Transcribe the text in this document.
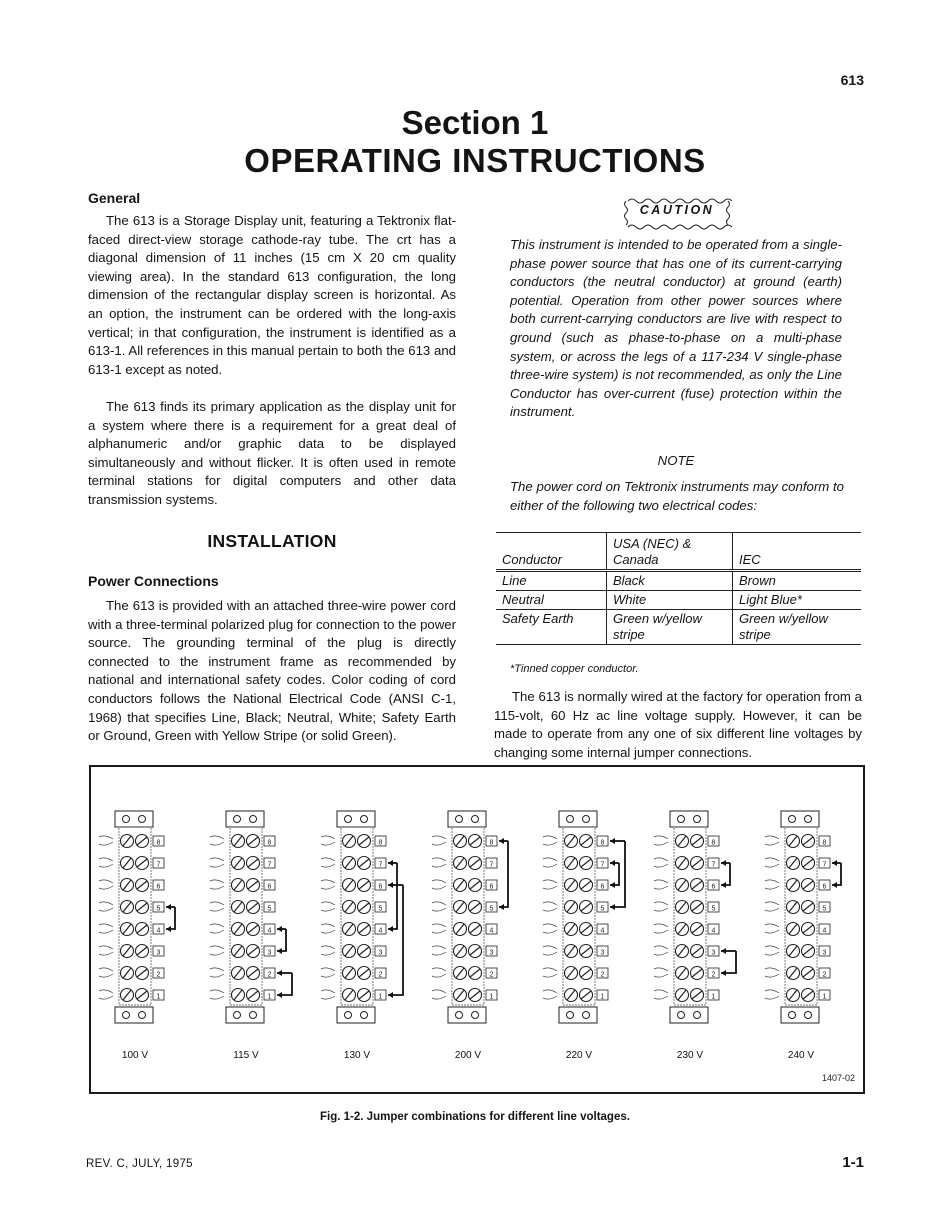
613
Section 1
OPERATING INSTRUCTIONS
General

The 613 is a Storage Display unit, featuring a Tektronix flat-faced direct-view storage cathode-ray tube. The crt has a diagonal dimension of 11 inches (15 cm X 20 cm quality viewing area). In the standard 613 configuration, the long dimension of the rectangular display screen is horizontal. As an option, the instrument can be ordered with the long-axis vertical; in that configuration, the instrument is identified as a 613-1. All references in this manual pertain to both the 613 and 613-1 except as noted.

The 613 finds its primary application as the display unit for a system where there is a requirement for a great deal of alphanumeric and/or graphic data to be displayed simultaneously and without flicker. It is often used in remote terminal stations for digital computers and other data transmission systems.

INSTALLATION
Power Connections

The 613 is provided with an attached three-wire power cord with a three-terminal polarized plug for connection to the power source. The grounding terminal of the plug is directly connected to the instrument frame as recommended by national and international safety codes. Color coding of cord conductors follows the National Electrical Code (ANSI C-1, 1968) that specifies Line, Black; Neutral, White; Safety Earth or Ground, Green with Yellow Stripe (or solid Green).

CAUTION

This instrument is intended to be operated from a single-phase power source that has one of its current-carrying conductors (the neutral conductor) at ground (earth) potential. Operation from other power sources where both current-carrying conductors are live with respect to ground (such as phase-to-phase on a multi-phase system, or across the legs of a 117-234 V single-phase three-wire system) is not recommended, as only the Line Conductor has over-current (fuse) protection within the instrument.

NOTE

The power cord on Tektronix instruments may conform to either of the following two electrical codes:

Conductor	USA (NEC) & Canada	IEC
Line	Black	Brown
Neutral	White	Light Blue*
Safety Earth	Green w/yellow stripe	Green w/yellow stripe
*Tinned copper conductor.

The 613 is normally wired at the factory for operation from a 115-volt, 60 Hz ac line voltage supply. However, it can be made to operate from any one of six different line voltages by changing some internal jumper connections.

8
7
6
5
4
3
2
1
100 V
8
7
6
5
4
3
2
1
115 V
8
7
6
5
4
3
2
1
130 V
8
7
6
5
4
3
2
1
200 V
8
7
6
5
4
3
2
1
220 V
8
7
6
5
4
3
2
1
230 V
8
7
6
5
4
3
2
1
240 V
1407-02
Fig. 1-2. Jumper combinations for different line voltages.
REV. C, JULY, 1975	1-1
